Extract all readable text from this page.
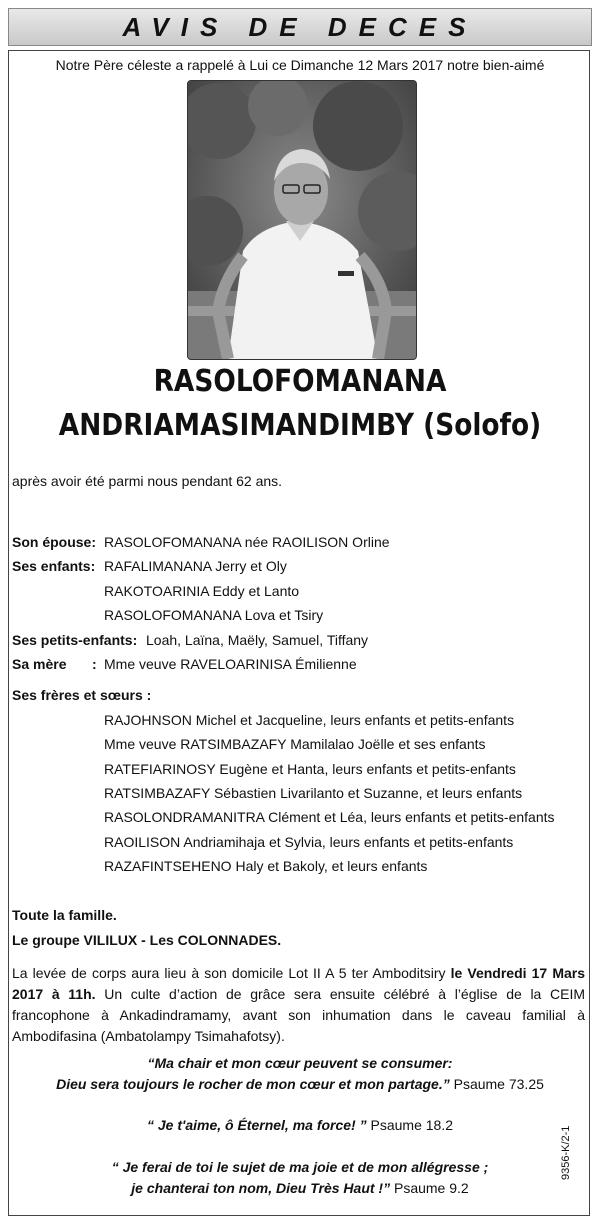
AVIS DE DECES
Notre Père céleste a rappelé à Lui ce Dimanche 12 Mars 2017 notre bien-aimé
RASOLOFOMANANA
ANDRIAMASIMANDIMBY (Solofo)
après avoir été parmi nous pendant 62 ans.
Son épouse: RASOLOFOMANANA née RAOILISON Orline
Ses enfants: RAFALIMANANA Jerry et Oly
RAKOTOARINIA Eddy et Lanto
RASOLOFOMANANA Lova et Tsiry
Ses petits-enfants: Loah, Laïna, Maëly, Samuel, Tiffany
Sa mère : Mme veuve RAVELOARINISA Émilienne
Ses frères et sœurs :
RAJOHNSON Michel et Jacqueline, leurs enfants et petits-enfants
Mme veuve RATSIMBAZAFY Mamilalao Joëlle et ses enfants
RATEFIARINOSY Eugène et Hanta, leurs enfants et petits-enfants
RATSIMBAZAFY Sébastien Livarilanto et Suzanne, et leurs enfants
RASOLONDRAMANITRA Clément et Léa, leurs enfants et petits-enfants
RAOILISON Andriamihaja et Sylvia, leurs enfants et petits-enfants
RAZAFINTSEHENO Haly et Bakoly, et leurs enfants
Toute la famille.
Le groupe VILILUX - Les COLONNADES.
La levée de corps aura lieu à son domicile Lot II A 5 ter Amboditsiry le Vendredi 17 Mars 2017 à 11h. Un culte d’action de grâce sera ensuite célébré à l’église de la CEIM francophone à Ankadindramamy, avant son inhumation dans le caveau familial à Ambodifasina (Ambatolampy Tsimahafotsy).
“Ma chair et mon cœur peuvent se consumer:
Dieu sera toujours le rocher de mon cœur et mon partage.” Psaume 73.25
“ Je t'aime, ô Éternel, ma force! ” Psaume 18.2
“ Je ferai de toi le sujet de ma joie et de mon allégresse ;
je chanterai ton nom, Dieu Très Haut !” Psaume 9.2
9356-K/2-1
